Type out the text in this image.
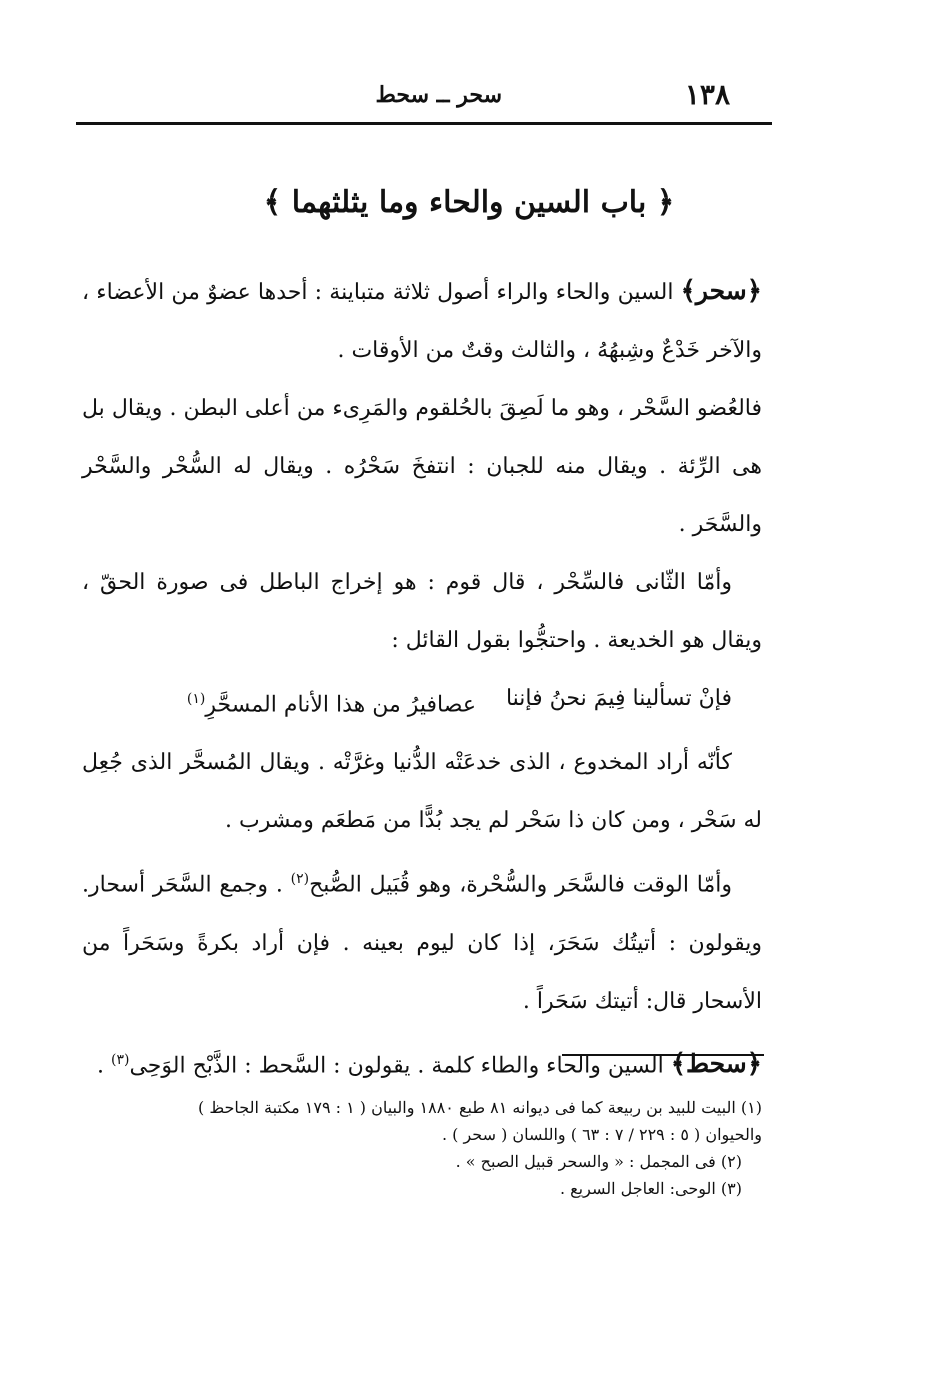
١٣٨
سحر ــ سحط
﴿ باب السين والحاء وما يثلثهما ﴾

﴿سحر﴾ السين والحاء والراء أصول ثلاثة متباينة : أحدها عضوٌ من الأعضاء ، والآخر خَدْعٌ وشِبهُهُ ، والثالث وقتٌ من الأوقات .

فالعُضو السَّحْر ، وهو ما لَصِقَ بالحُلقوم والمَرِىء من أعلى البطن . ويقال بل هى الرِّئة . ويقال منه للجبان : انتفخَ سَحْرُه . ويقال له السُّحْر والسَّحْر والسَّحَر .

وأمّا الثّانى فالسِّحْر ، قال قوم : هو إخراج الباطل فى صورة الحقّ ، ويقال هو الخديعة . واحتجُّوا بقول القائل :

فإنْ تسألينا فِيمَ نحنُ فإننا
عصافيرُ من هذا الأنام المسحَّرِ$^{(١)}$

كأنّه أراد المخدوع ، الذى خدعَتْه الدُّنيا وغرَّتْه . ويقال المُسحَّر الذى جُعِل له سَحْر ، ومن كان ذا سَحْر لم يجد بُدًّا من مَطعَم ومشرب .

وأمّا الوقت فالسَّحَر والسُّحْرة، وهو قُبَيل الصُّبح$^{(٢)}$ . وجمع السَّحَر أسحار. ويقولون : أتيتُك سَحَرَ، إذا كان ليوم بعينه . فإن أراد بكرةً وسَحَراً من الأسحار قال: أتيتك سَحَراً .

﴿سحط﴾ السين والحاء والطاء كلمة . يقولون : السَّحط : الذَّبْح الوَحِى$^{(٣)}$ .

(١) البيت للبيد بن ربيعة كما فى ديوانه ٨١ طبع ١٨٨٠ والبيان ( ١ : ١٧٩ مكتبة الجاحظ )

والحيوان ( ٥ : ٢٢٩ / ٧ : ٦٣ ) واللسان ( سحر ) .

(٢) فى المجمل : « والسحر قبيل الصبح » .

(٣) الوحى: العاجل السريع .
